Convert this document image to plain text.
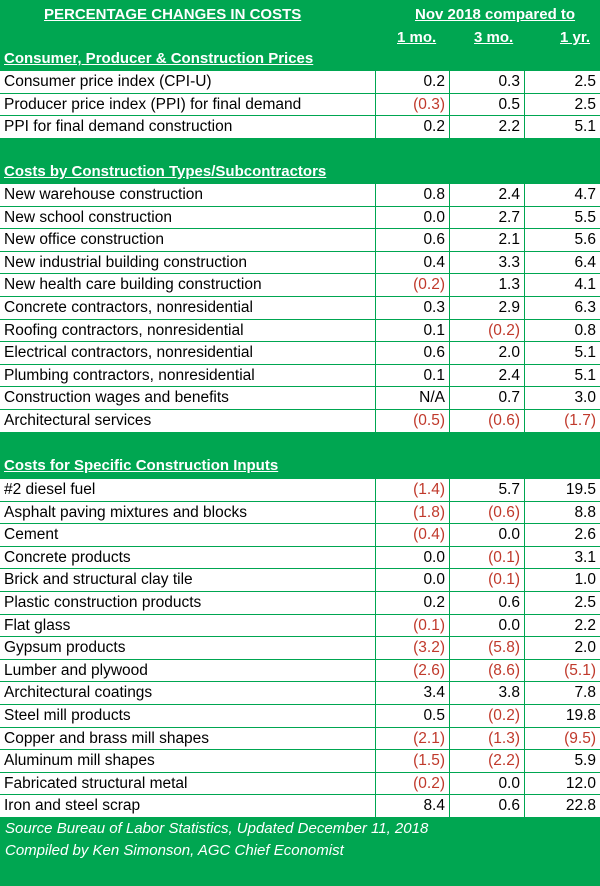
PERCENTAGE CHANGES IN COSTS	Nov 2018 compared to
1 mo.	3 mo.	1 yr.
Consumer, Producer & Construction Prices
Consumer price index (CPI-U)	0.2	0.3	2.5
Producer price index (PPI) for final demand	(0.3)	0.5	2.5
PPI for final demand construction	0.2	2.2	5.1
Costs by Construction Types/Subcontractors
New warehouse construction	0.8	2.4	4.7
New school construction	0.0	2.7	5.5
New office construction	0.6	2.1	5.6
New industrial building construction	0.4	3.3	6.4
New health care building construction	(0.2)	1.3	4.1
Concrete contractors, nonresidential	0.3	2.9	6.3
Roofing contractors, nonresidential	0.1	(0.2)	0.8
Electrical contractors, nonresidential	0.6	2.0	5.1
Plumbing contractors, nonresidential	0.1	2.4	5.1
Construction wages and benefits	N/A	0.7	3.0
Architectural services	(0.5)	(0.6)	(1.7)
Costs for Specific Construction Inputs
#2 diesel fuel	(1.4)	5.7	19.5
Asphalt paving mixtures and blocks	(1.8)	(0.6)	8.8
Cement	(0.4)	0.0	2.6
Concrete products	0.0	(0.1)	3.1
Brick and structural clay tile	0.0	(0.1)	1.0
Plastic construction products	0.2	0.6	2.5
Flat glass	(0.1)	0.0	2.2
Gypsum products	(3.2)	(5.8)	2.0
Lumber and plywood	(2.6)	(8.6)	(5.1)
Architectural coatings	3.4	3.8	7.8
Steel mill products	0.5	(0.2)	19.8
Copper and brass mill shapes	(2.1)	(1.3)	(9.5)
Aluminum mill shapes	(1.5)	(2.2)	5.9
Fabricated structural metal	(0.2)	0.0	12.0
Iron and steel scrap	8.4	0.6	22.8
Source Bureau of Labor Statistics, Updated December 11, 2018
Compiled by Ken Simonson, AGC Chief Economist
